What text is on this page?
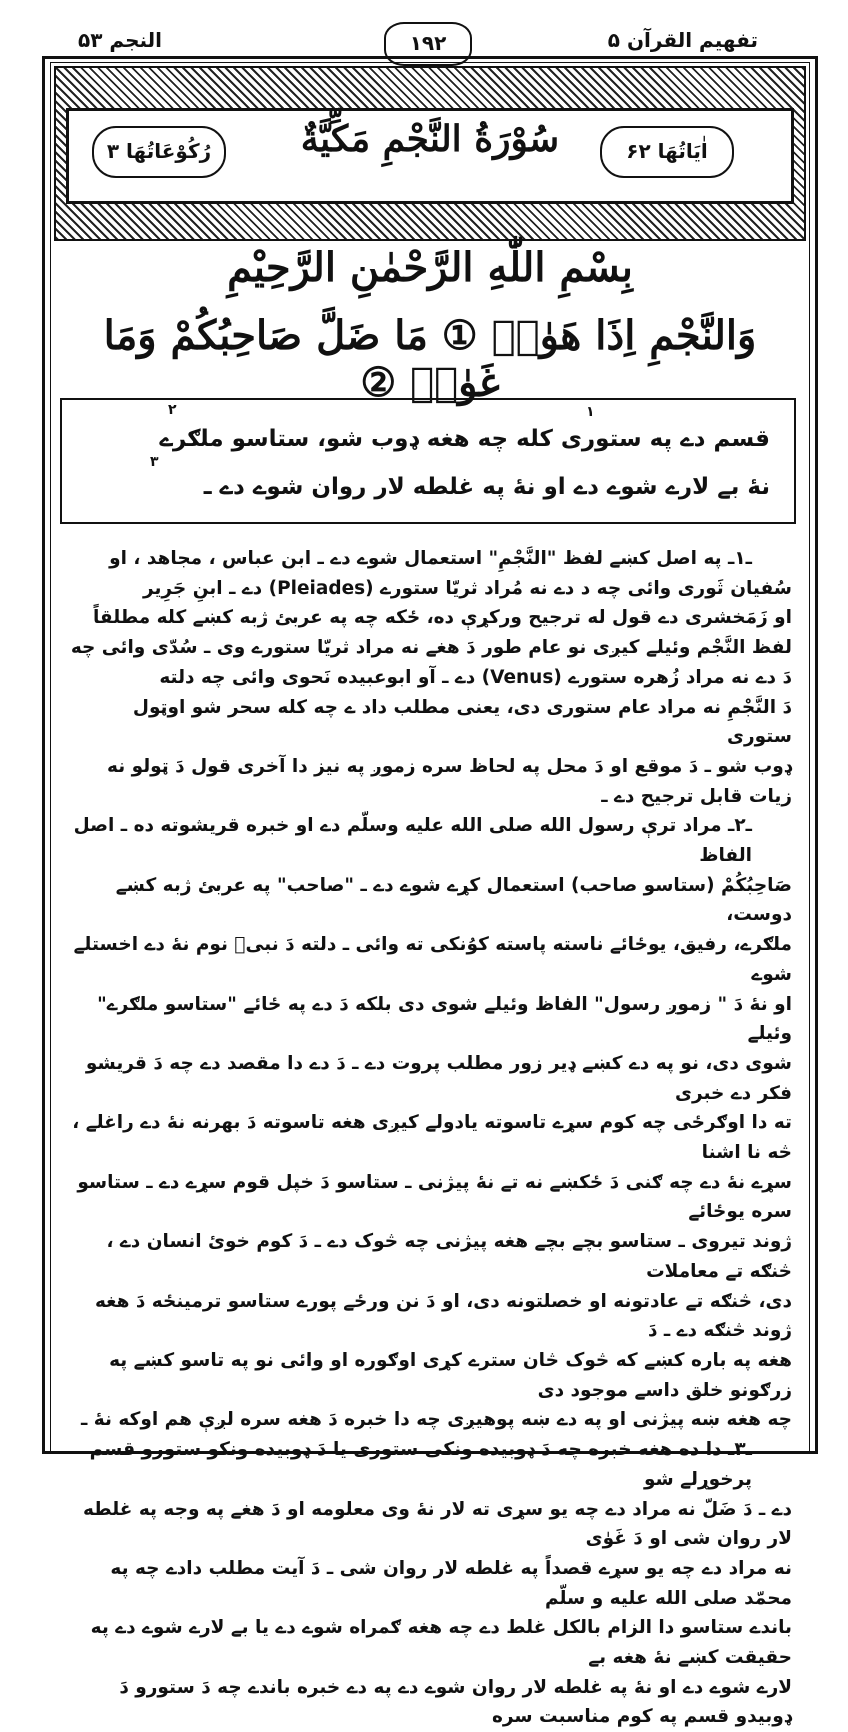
تفهیم القرآن ۵
۱۹۲
النجم ۵۳
اٰیَاتُهَا ۶۲
سُوْرَةُ النَّجْمِ مَكِّيَّةٌ
رُکُوْعَاتُهَا ۳
بِسْمِ اللّٰهِ الرَّحْمٰنِ الرَّحِيْمِ
وَالنَّجْمِ اِذَا هَوٰىۙ ① مَا ضَلَّ صَاحِبُكُمْ وَمَا غَوٰىۚ ②

قسم دے په ستورى كله چه هغه ډوب شو، ستاسو ملګرے

نۀ بے لارے شوے دے او نۀ په غلطه لار روان شوے دے ـ

ـ۱ـ په اصل کښے لفظ "النَّجْمِ" استعمال شوے دے ـ ابن عباس ، مجاهد ، او

سُفیان ثَوری وائی چه د دے نه مُراد ثریّا ستورے (Pleiades) دے ـ ابنِ جَرِیر

او زَمَخشری دے قول له ترجیح ورکړې ده، ځکه چه په عربئ ژبه کښے کله مطلقاً

لفظ النَّجْم وئیلے کیږی نو عام طور دَ هغے نه مراد ثریّا ستورے وی ـ سُدّی وائی چه

دَ دے نه مراد زُهره ستورے (Venus) دے ـ آو ابوعبیده نَحوی وائی چه دلته

دَ النَّجْمِ نه مراد عام ستوری دی، یعنی مطلب داد ے چه کله سحر شو اوټول ستوری

ډوب شو ـ دَ موقع او دَ محل په لحاظ سره زموږ په نیز دا آخری قول دَ ټولو نه

زیات قابل ترجیح دے ـ

ـ۲ـ مراد ترې رسول الله صلی الله علیه وسلّم دے او خبره قریشوته ده ـ اصل الفاظ

صَاحِبُکُمْ (ستاسو صاحب) استعمال کړے شوے دے ـ "صاحب" په عربئ ژبه کښے دوست،

ملګرے، رفیق، یوځائے ناسته پاسته کوُنکی ته وائی ـ دلته دَ نبیؐ نوم نۀ دے اخستلے شوے

او نۀ دَ " زموږ رسول" الفاظ وئیلے شوی دی بلکه دَ دے په ځائے "ستاسو ملګرے" وئیلے

شوی دی، نو په دے کښے ډیر زور مطلب پروت دے ـ دَ دے دا مقصد دے چه دَ قریشو فکر دے خبری

ته دا اوګرځی چه کوم سړے تاسوته یادولے کیږی هغه تاسوته دَ بهرنه نۀ دے راغلے ، څه نا اشنا

سړے نۀ دے چه ګنی دَ ځکښے نه تے نۀ پیژنی ـ ستاسو دَ خپل قوم سړے دے ـ ستاسو سره یوځائے

ژوند تیروی ـ ستاسو بچے بچے هغه پیژنی چه څوک دے ـ دَ کوم خوئ انسان دے ، څنګه تے معاملات

دی، څنګه تے عادتونه او خصلتونه دی، او دَ نن ورځے پورے ستاسو ترمینځه دَ هغه ژوند څنګه دے ـ دَ

هغه په باره کښے که څوک څان سترے کړی اوګوره او وائی نو په تاسو کښے په زرګونو خلق داسے موجود دی

چه هغه ښه پیژنی او په دے ښه پوهیږی چه دا خبره دَ هغه سره لږې هم اوکه نۀ ـ

ـ۳ـ دا ده هغه خبره چه دَ ډوبیده ونکی ستوری یا دَ ډوبیده ونکو ستورو قسم پرخوړلے شو

دے ـ دَ ضَلّ نه مراد دے چه یو سړی ته لار نۀ وی معلومه او دَ هغے په وجه په غلطه لار روان شی او دَ غَوٰی

نه مراد دے چه یو سړے قصداً په غلطه لار روان شی ـ دَ آیت مطلب دادے چه په محمّد صلی الله علیه و سلّم

باندے ستاسو دا الزام بالکل غلط دے چه هغه ګمراه شوے دے یا بے لارے شوے دے په حقیقت کښے نۀ هغه بے

لارے شوے دے او نۀ په غلطه لار روان شوے دے په دے خبره باندے چه دَ ستورو دَ ډوبیدو قسم په کوم مناسبت سره

۱
۲
۳
